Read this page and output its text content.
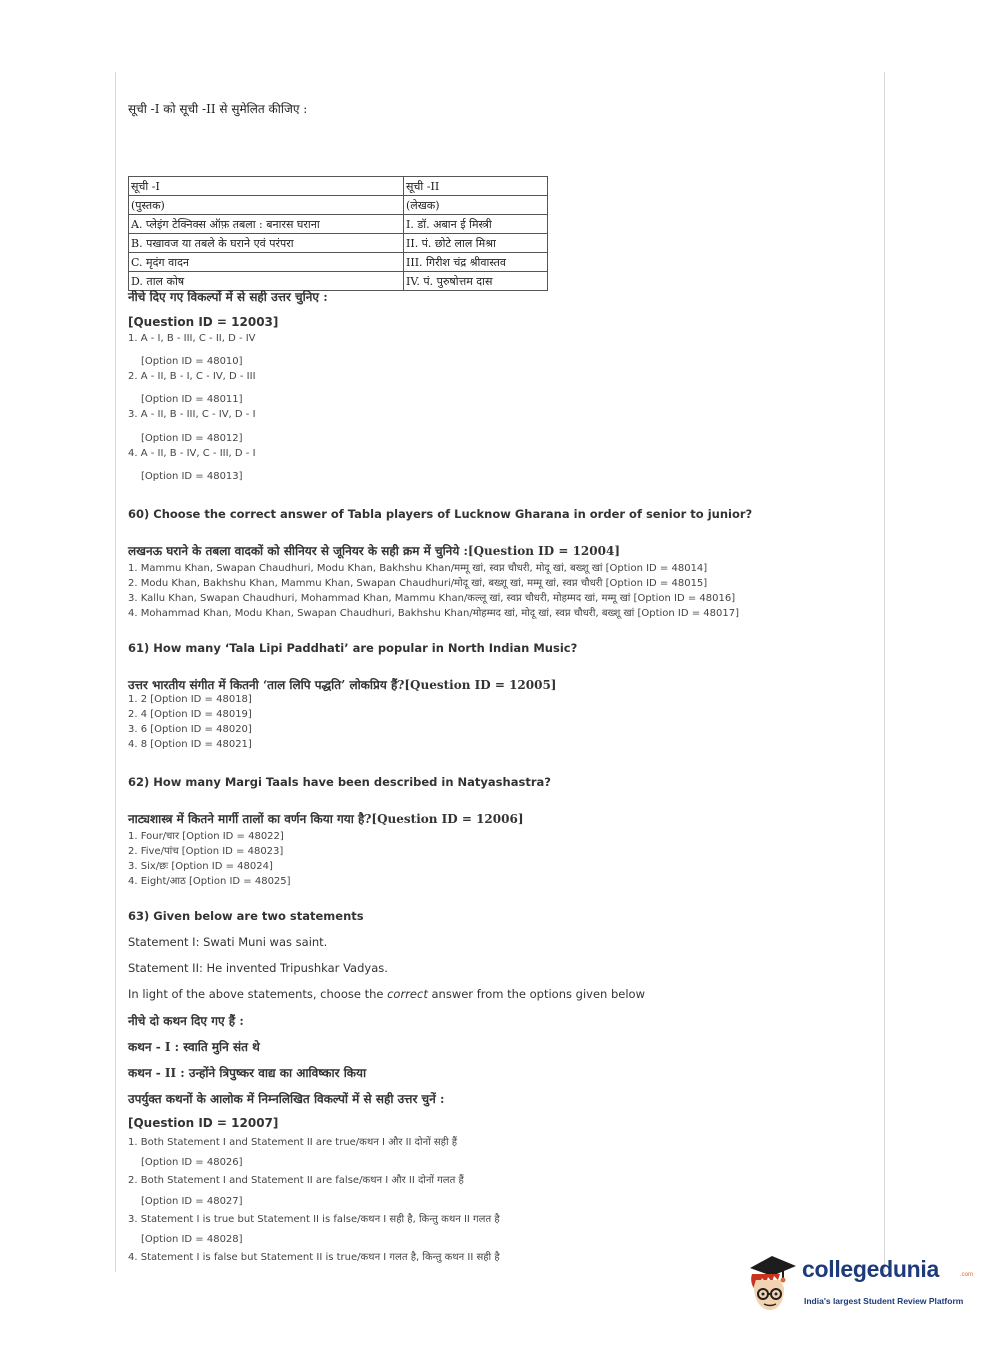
सूची -I को सूची -II से सुमेलित कीजिए :
सूची -I	सूची -II
(पुस्तक)	(लेखक)
A. प्लेइंग टेक्निक्स ऑफ़ तबला : बनारस घराना	I. डॉ. अबान ई मिस्त्री
B. पखावज या तबले के घराने एवं परंपरा	II. पं. छोटे लाल मिश्रा
C. मृदंग वादन	III. गिरीश चंद्र श्रीवास्तव
D. ताल कोष	IV. पं. पुरुषोत्तम दास
नीचे दिए गए विकल्पों में से सही उत्तर चुनिए :
[Question ID = 12003]
1. A - I, B - III, C - II, D - IV
[Option ID = 48010]
2. A - II, B - I, C - IV, D - III
[Option ID = 48011]
3. A - II, B - III, C - IV, D - I
[Option ID = 48012]
4. A - II, B - IV, C - III, D - I
[Option ID = 48013]
60) Choose the correct answer of Tabla players of Lucknow Gharana in order of senior to junior?
लखनऊ घराने के तबला वादकों को सीनियर से जूनियर के सही क्रम में चुनिये :[Question ID = 12004]
1. Mammu Khan, Swapan Chaudhuri, Modu Khan, Bakhshu Khan/मम्मू खां, स्वप्न चौधरी, मोदू खां, बख्शू खां [Option ID = 48014]
2. Modu Khan, Bakhshu Khan, Mammu Khan, Swapan Chaudhuri/मोदू खां, बख्शू खां, मम्मू खां, स्वप्न चौधरी [Option ID = 48015]
3. Kallu Khan, Swapan Chaudhuri, Mohammad Khan, Mammu Khan/कल्लू खां, स्वप्न चौधरी, मोहम्मद खां, मम्मू खां [Option ID = 48016]
4. Mohammad Khan, Modu Khan, Swapan Chaudhuri, Bakhshu Khan/मोहम्मद खां, मोदू खां, स्वप्न चौधरी, बख्शू खां [Option ID = 48017]
61) How many ‘Tala Lipi Paddhati’ are popular in North Indian Music?
उत्तर भारतीय संगीत में कितनी ‘ताल लिपि पद्धति’ लोकप्रिय हैं?[Question ID = 12005]
1. 2 [Option ID = 48018]
2. 4 [Option ID = 48019]
3. 6 [Option ID = 48020]
4. 8 [Option ID = 48021]
62) How many Margi Taals have been described in Natyashastra?
नाट्यशास्त्र में कितने मार्गी तालों का वर्णन किया गया है?[Question ID = 12006]
1. Four/चार [Option ID = 48022]
2. Five/पांच [Option ID = 48023]
3. Six/छः [Option ID = 48024]
4. Eight/आठ [Option ID = 48025]
63) Given below are two statements
Statement I: Swati Muni was saint.
Statement II: He invented Tripushkar Vadyas.
In light of the above statements, choose the correct answer from the options given below
नीचे दो कथन दिए गए हैं :
कथन - I : स्वाति मुनि संत थे
कथन - II : उन्होंने त्रिपुष्कर वाद्य का आविष्कार किया
उपर्युक्त कथनों के आलोक में निम्नलिखित विकल्पों में से सही उत्तर चुनें :
[Question ID = 12007]
1. Both Statement I and Statement II are true/कथन I और II दोनों सही हैं
[Option ID = 48026]
2. Both Statement I and Statement II are false/कथन I और II दोनों गलत हैं
[Option ID = 48027]
3. Statement I is true but Statement II is false/कथन I सही है, किन्तु कथन II गलत है
[Option ID = 48028]
4. Statement I is false but Statement II is true/कथन I गलत है, किन्तु कथन II सही है	collegedunia	.com
India's largest Student Review Platform
